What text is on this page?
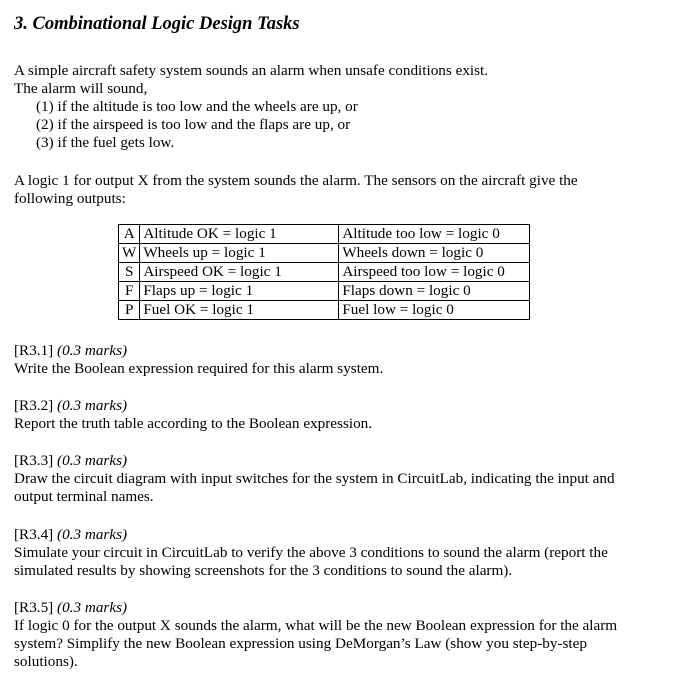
3. Combinational Logic Design Tasks
A simple aircraft safety system sounds an alarm when unsafe conditions exist.
The alarm will sound,
(1) if the altitude is too low and the wheels are up, or
(2) if the airspeed is too low and the flaps are up, or
(3) if the fuel gets low.
A logic 1 for output X from the system sounds the alarm. The sensors on the aircraft give the
following outputs:
A	Altitude OK = logic 1	Altitude too low = logic 0
W	Wheels up = logic 1	Wheels down = logic 0
S	Airspeed OK = logic 1	Airspeed too low = logic 0
F	Flaps up = logic 1	Flaps down = logic 0
P	Fuel OK = logic 1	Fuel low = logic 0
[R3.1] (0.3 marks)
Write the Boolean expression required for this alarm system.
[R3.2] (0.3 marks)
Report the truth table according to the Boolean expression.
[R3.3] (0.3 marks)
Draw the circuit diagram with input switches for the system in CircuitLab, indicating the input and
output terminal names.
[R3.4] (0.3 marks)
Simulate your circuit in CircuitLab to verify the above 3 conditions to sound the alarm (report the
simulated results by showing screenshots for the 3 conditions to sound the alarm).
[R3.5] (0.3 marks)
If logic 0 for the output X sounds the alarm, what will be the new Boolean expression for the alarm
system? Simplify the new Boolean expression using DeMorgan’s Law (show you step-by-step
solutions).
